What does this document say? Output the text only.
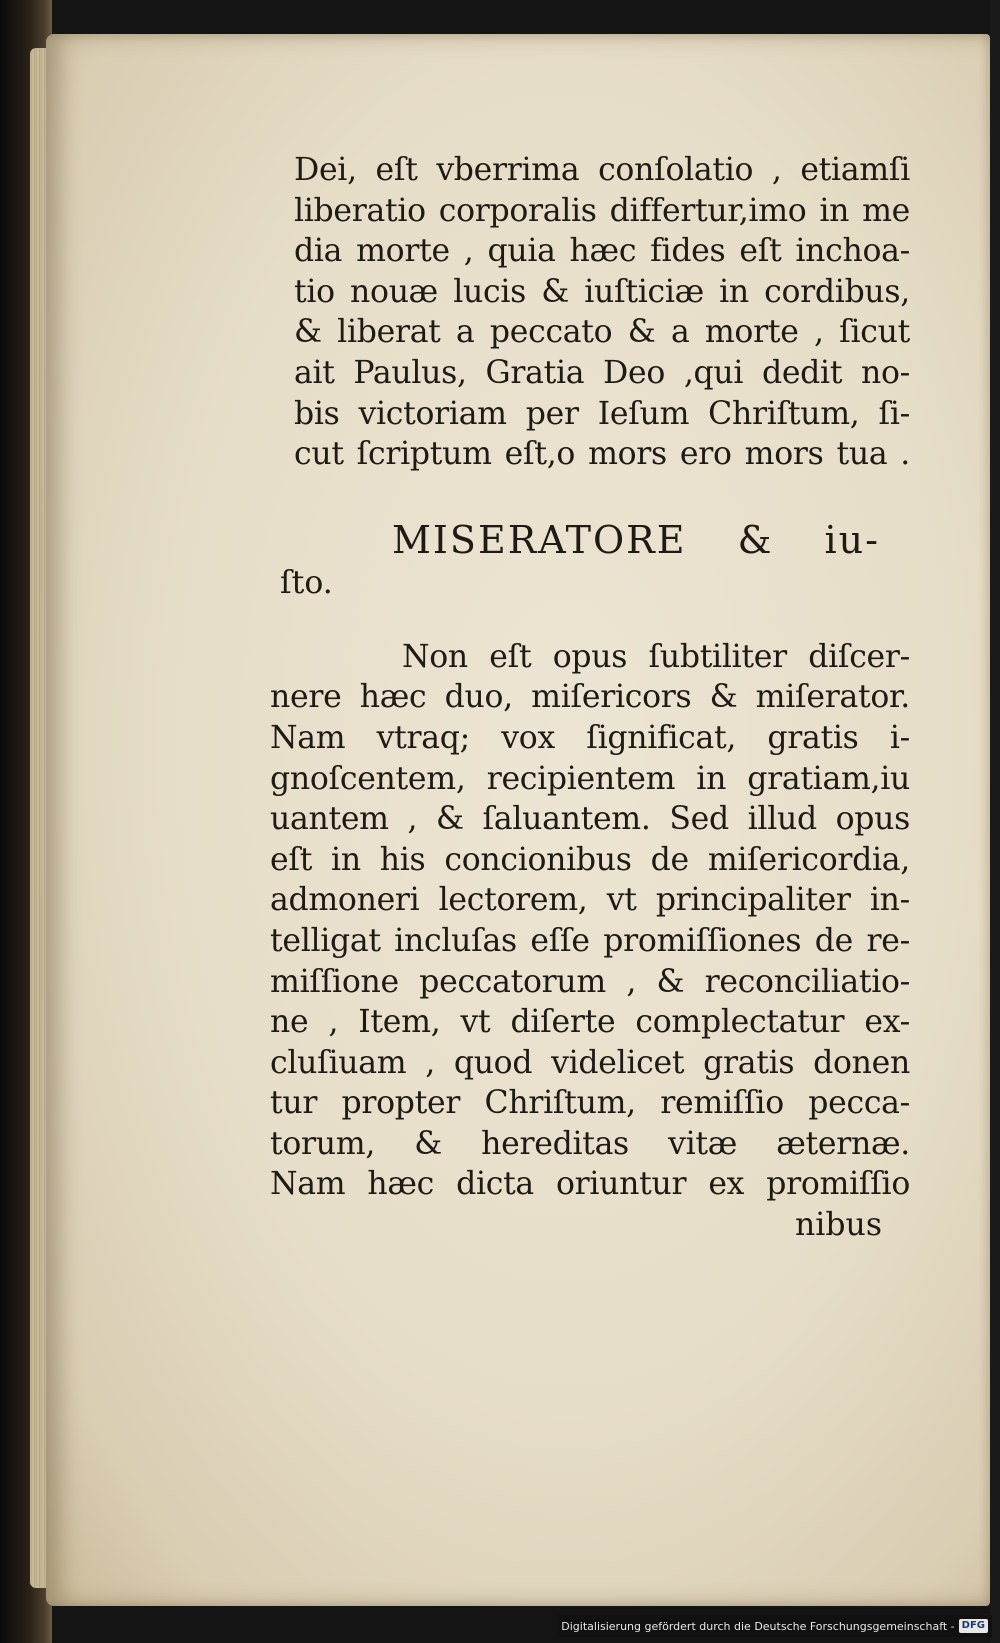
Dei, eſt vberrima conſolatio , etiamſi
liberatio corporalis differtur,imo in me
dia morte , quia hæc fides eſt inchoa-
tio nouæ lucis & iuſticiæ in cordibus,
& liberat a peccato & a morte , ſicut
ait Paulus, Gratia Deo ,qui dedit no-
bis victoriam per Ieſum Chriſtum, ſi-
cut ſcriptum eſt,o mors ero mors tua .
MISERATORE & iu-
ſto.
Non eſt opus ſubtiliter diſcer-
nere hæc duo, miſericors & miſerator.
Nam vtraq; vox ſignificat, gratis i-
gnoſcentem, recipientem in gratiam,iu
uantem , & ſaluantem. Sed illud opus
eſt in his concionibus de miſericordia,
admoneri lectorem, vt principaliter in-
telligat incluſas eſſe promiſſiones de re-
miſſione peccatorum , & reconciliatio-
ne , Item, vt diſerte complectatur ex-
cluſiuam , quod videlicet gratis donen
tur propter Chriſtum, remiſſio pecca-
torum, & hereditas vitæ æternæ.
Nam hæc dicta oriuntur ex promiſſio
nibus
Digitalisierung gefördert durch die Deutsche Forschungsgemeinschaft - DFG
